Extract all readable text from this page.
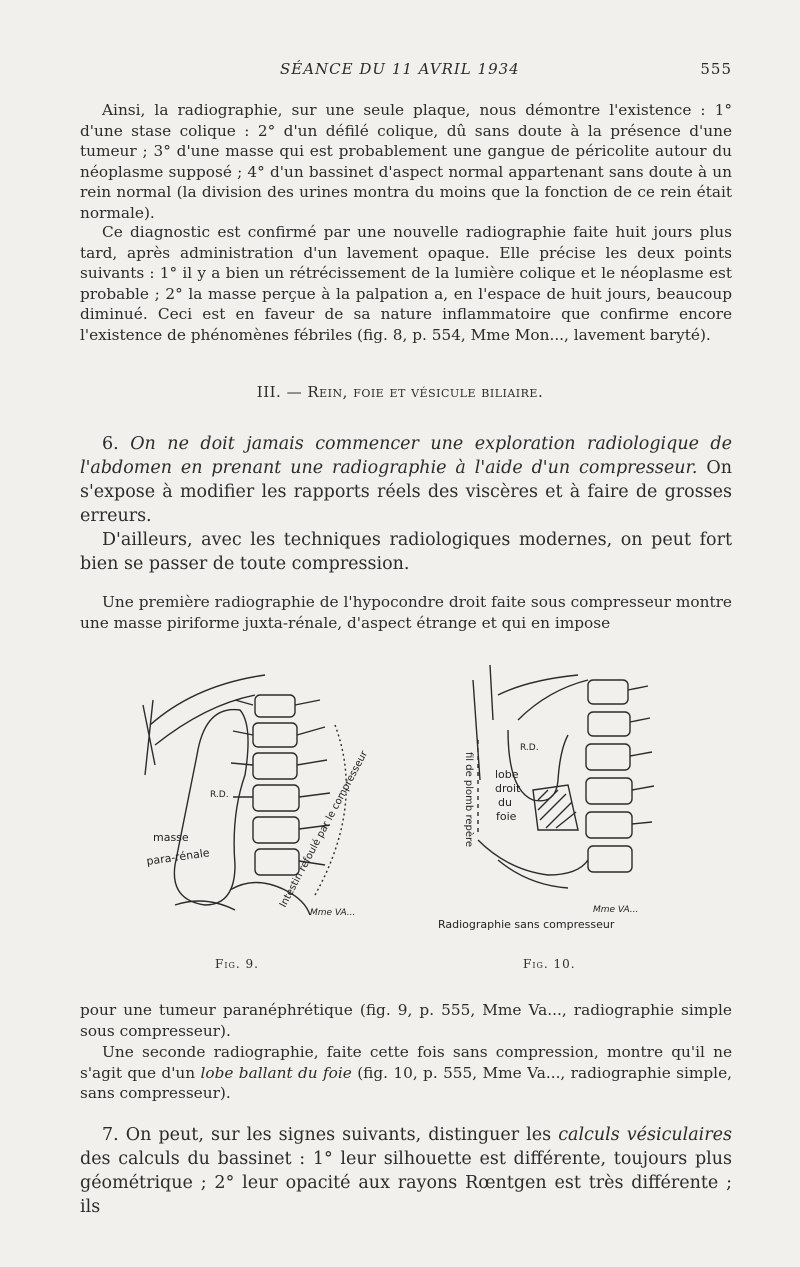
SÉANCE DU 11 AVRIL 1934	555

Ainsi, la radiographie, sur une seule plaque, nous démontre l'existence : 1° d'une stase colique : 2° d'un défilé colique, dû sans doute à la présence d'une tumeur ; 3° d'une masse qui est probablement une gangue de péricolite autour du néoplasme supposé ; 4° d'un bassinet d'aspect normal appartenant sans doute à un rein normal (la division des urines montra du moins que la fonction de ce rein était normale).

Ce diagnostic est confirmé par une nouvelle radiographie faite huit jours plus tard, après administration d'un lavement opaque. Elle précise les deux points suivants : 1° il y a bien un rétrécissement de la lumière colique et le néoplasme est probable ; 2° la masse perçue à la palpation a, en l'espace de huit jours, beaucoup diminué. Ceci est en faveur de sa nature inflammatoire que confirme encore l'existence de phénomènes fébriles (fig. 8, p. 554, Mme Mon..., lavement baryté).

III. — Rein, foie et vésicule biliaire.

6. On ne doit jamais commencer une exploration radiologique de l'abdomen en prenant une radiographie à l'aide d'un compresseur. On s'expose à modifier les rapports réels des viscères et à faire de grosses erreurs.

D'ailleurs, avec les techniques radiologiques modernes, on peut fort bien se passer de toute compression.

Une première radiographie de l'hypocondre droit faite sous compresseur montre une masse piriforme juxta-rénale, d'aspect étrange et qui en impose

R.D.
masse
para-rénale	Intestin refoulé par le compresseur
Mme VA...
Fig. 9.
R.D.
fil de plomb repère lobe
droit
du
foie
Mme VA...
Radiographie sans compresseur
Fig. 10.

pour une tumeur paranéphrétique (fig. 9, p. 555, Mme Va..., radiographie simple sous compresseur).

Une seconde radiographie, faite cette fois sans compression, montre qu'il ne s'agit que d'un lobe ballant du foie (fig. 10, p. 555, Mme Va..., radiographie simple, sans compresseur).

7. On peut, sur les signes suivants, distinguer les calculs vésiculaires des calculs du bassinet : 1° leur silhouette est différente, toujours plus géométrique ; 2° leur opacité aux rayons Rœntgen est très différente ; ils
